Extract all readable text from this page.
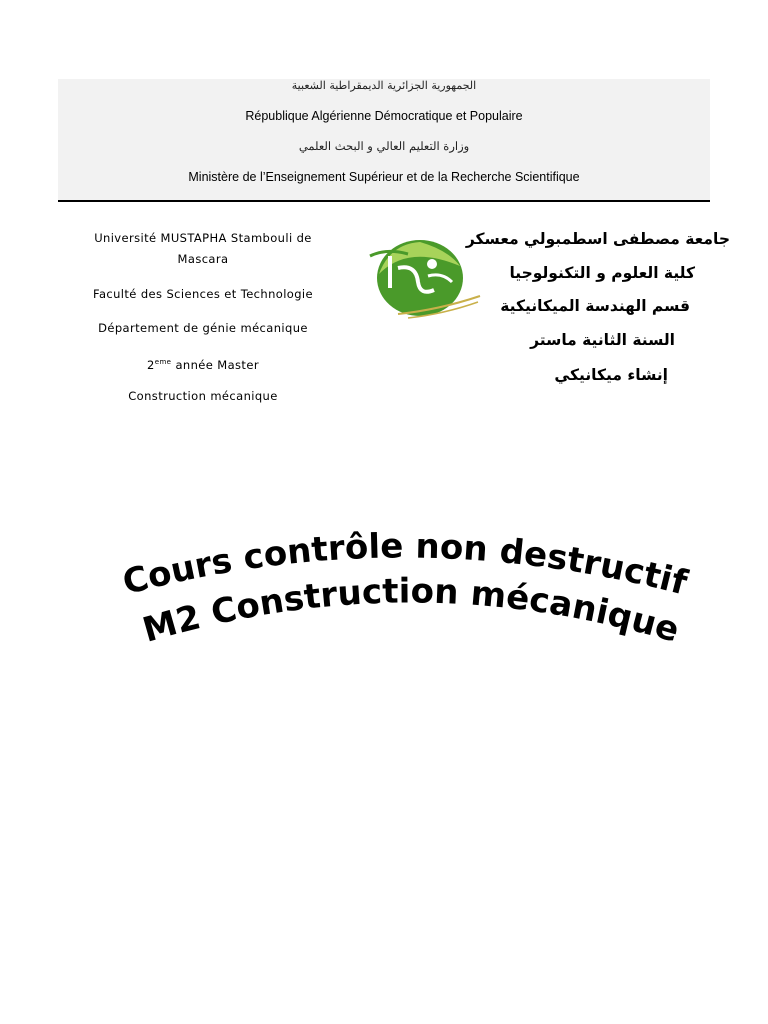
الجمهورية الجزائرية الديمقراطية الشعبية
République Algérienne Démocratique et Populaire
وزارة التعليم العالي و البحث العلمي
Ministère de l’Enseignement Supérieur et de la Recherche Scientifique
Université MUSTAPHA Stambouli de Mascara
Faculté des Sciences et Technologie
Département de génie mécanique
2eme année Master
Construction mécanique
جامعة مصطفى اسطمبولي معسكر
كلية العلوم و التكنولوجيا
قسم الهندسة الميكانيكية
السنة الثانية ماستر
إنشاء ميكانيكي
Cours contrôle non destructif
M2 Construction mécanique
